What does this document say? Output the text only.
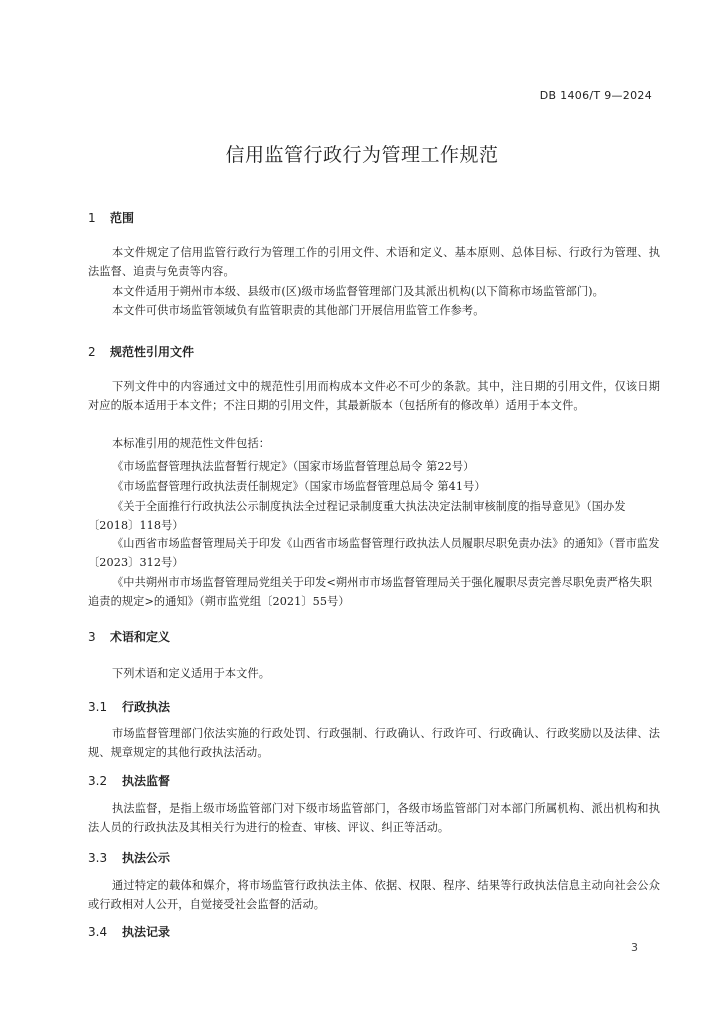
DB 1406/T 9—2024
信用监管行政行为管理工作规范
1 范围

本文件规定了信用监管行政行为管理工作的引用文件、术语和定义、基本原则、总体目标、行政行为管理、执法监督、追责与免责等内容。

本文件适用于朔州市本级、县级市(区)级市场监督管理部门及其派出机构(以下简称市场监管部门)。

本文件可供市场监管领域负有监管职责的其他部门开展信用监管工作参考。

2 规范性引用文件

下列文件中的内容通过文中的规范性引用而构成本文件必不可少的条款。其中，注日期的引用文件，仅该日期对应的版本适用于本文件；不注日期的引用文件，其最新版本（包括所有的修改单）适用于本文件。

本标准引用的规范性文件包括：

《市场监督管理执法监督暂行规定》（国家市场监督管理总局令 第22号）

《市场监督管理行政执法责任制规定》（国家市场监督管理总局令 第41号）

《关于全面推行行政执法公示制度执法全过程记录制度重大执法决定法制审核制度的指导意见》（国办发〔2018〕118号）

《山西省市场监督管理局关于印发《山西省市场监督管理行政执法人员履职尽职免责办法》的通知》（晋市监发〔2023〕312号）

《中共朔州市市场监督管理局党组关于印发<朔州市市场监督管理局关于强化履职尽责完善尽职免责严格失职追责的规定>的通知》（朔市监党组〔2021〕55号）

3 术语和定义

下列术语和定义适用于本文件。

3.1 行政执法

市场监督管理部门依法实施的行政处罚、行政强制、行政确认、行政许可、行政确认、行政奖励以及法律、法规、规章规定的其他行政执法活动。

3.2 执法监督

执法监督，是指上级市场监管部门对下级市场监管部门，各级市场监管部门对本部门所属机构、派出机构和执法人员的行政执法及其相关行为进行的检查、审核、评议、纠正等活动。

3.3 执法公示

通过特定的载体和媒介，将市场监管行政执法主体、依据、权限、程序、结果等行政执法信息主动向社会公众或行政相对人公开，自觉接受社会监督的活动。

3.4 执法记录
3
